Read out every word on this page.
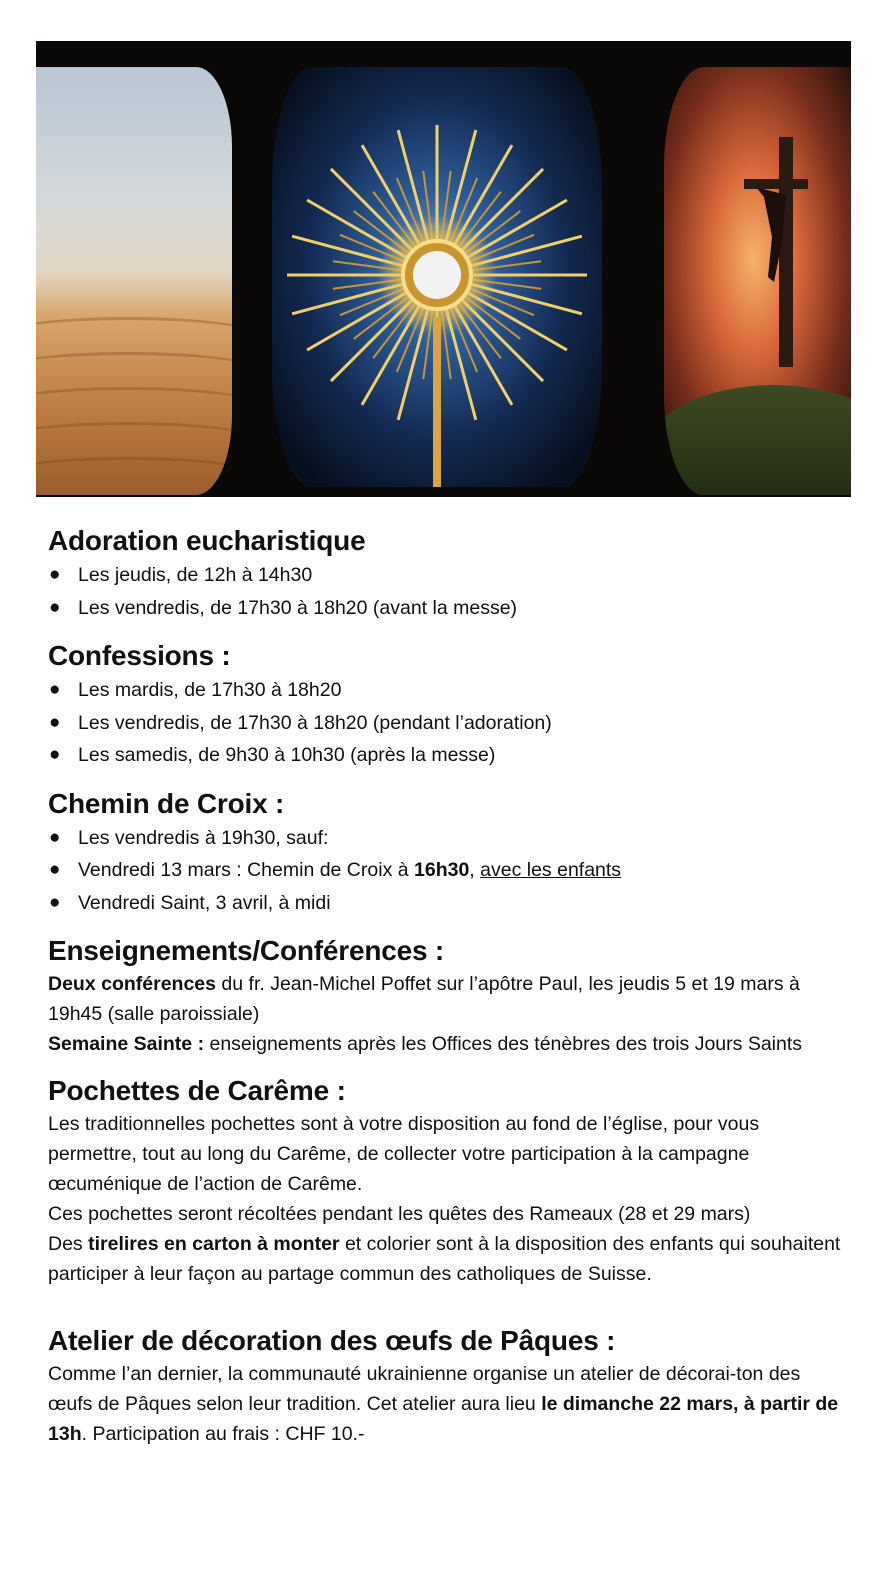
Adoration eucharistique
● Les jeudis, de 12h à 14h30
● Les vendredis, de 17h30 à 18h20 (avant la messe)
Confessions :
● Les mardis, de 17h30 à 18h20
● Les vendredis, de 17h30 à 18h20 (pendant l’adoration)
● Les samedis, de 9h30 à 10h30 (après la messe)
Chemin de Croix :
● Les vendredis à 19h30, sauf:
● Vendredi 13 mars : Chemin de Croix à 16h30, avec les enfants
● Vendredi Saint, 3 avril, à midi
Enseignements/Conférences :

Deux conférences du fr. Jean-Michel Poffet sur l’apôtre Paul, les jeudis 5 et 19 mars à 19h45 (salle paroissiale)

Semaine Sainte : enseignements après les Offices des ténèbres des trois Jours Saints

Pochettes de Carême :

Les traditionnelles pochettes sont à votre disposition au fond de l’église, pour vous permettre, tout au long du Carême, de collecter votre participation à la campagne œcuménique de l’action de Carême.

Ces pochettes seront récoltées pendant les quêtes des Rameaux (28 et 29 mars)

Des tirelires en carton à monter et colorier sont à la disposition des enfants qui souhaitent participer à leur façon au partage commun des catholiques de Suisse.

Atelier de décoration des œufs de Pâques :

Comme l’an dernier, la communauté ukrainienne organise un atelier de décorai-ton des œufs de Pâques selon leur tradition. Cet atelier aura lieu le dimanche 22 mars, à partir de 13h. Participation au frais : CHF 10.-
